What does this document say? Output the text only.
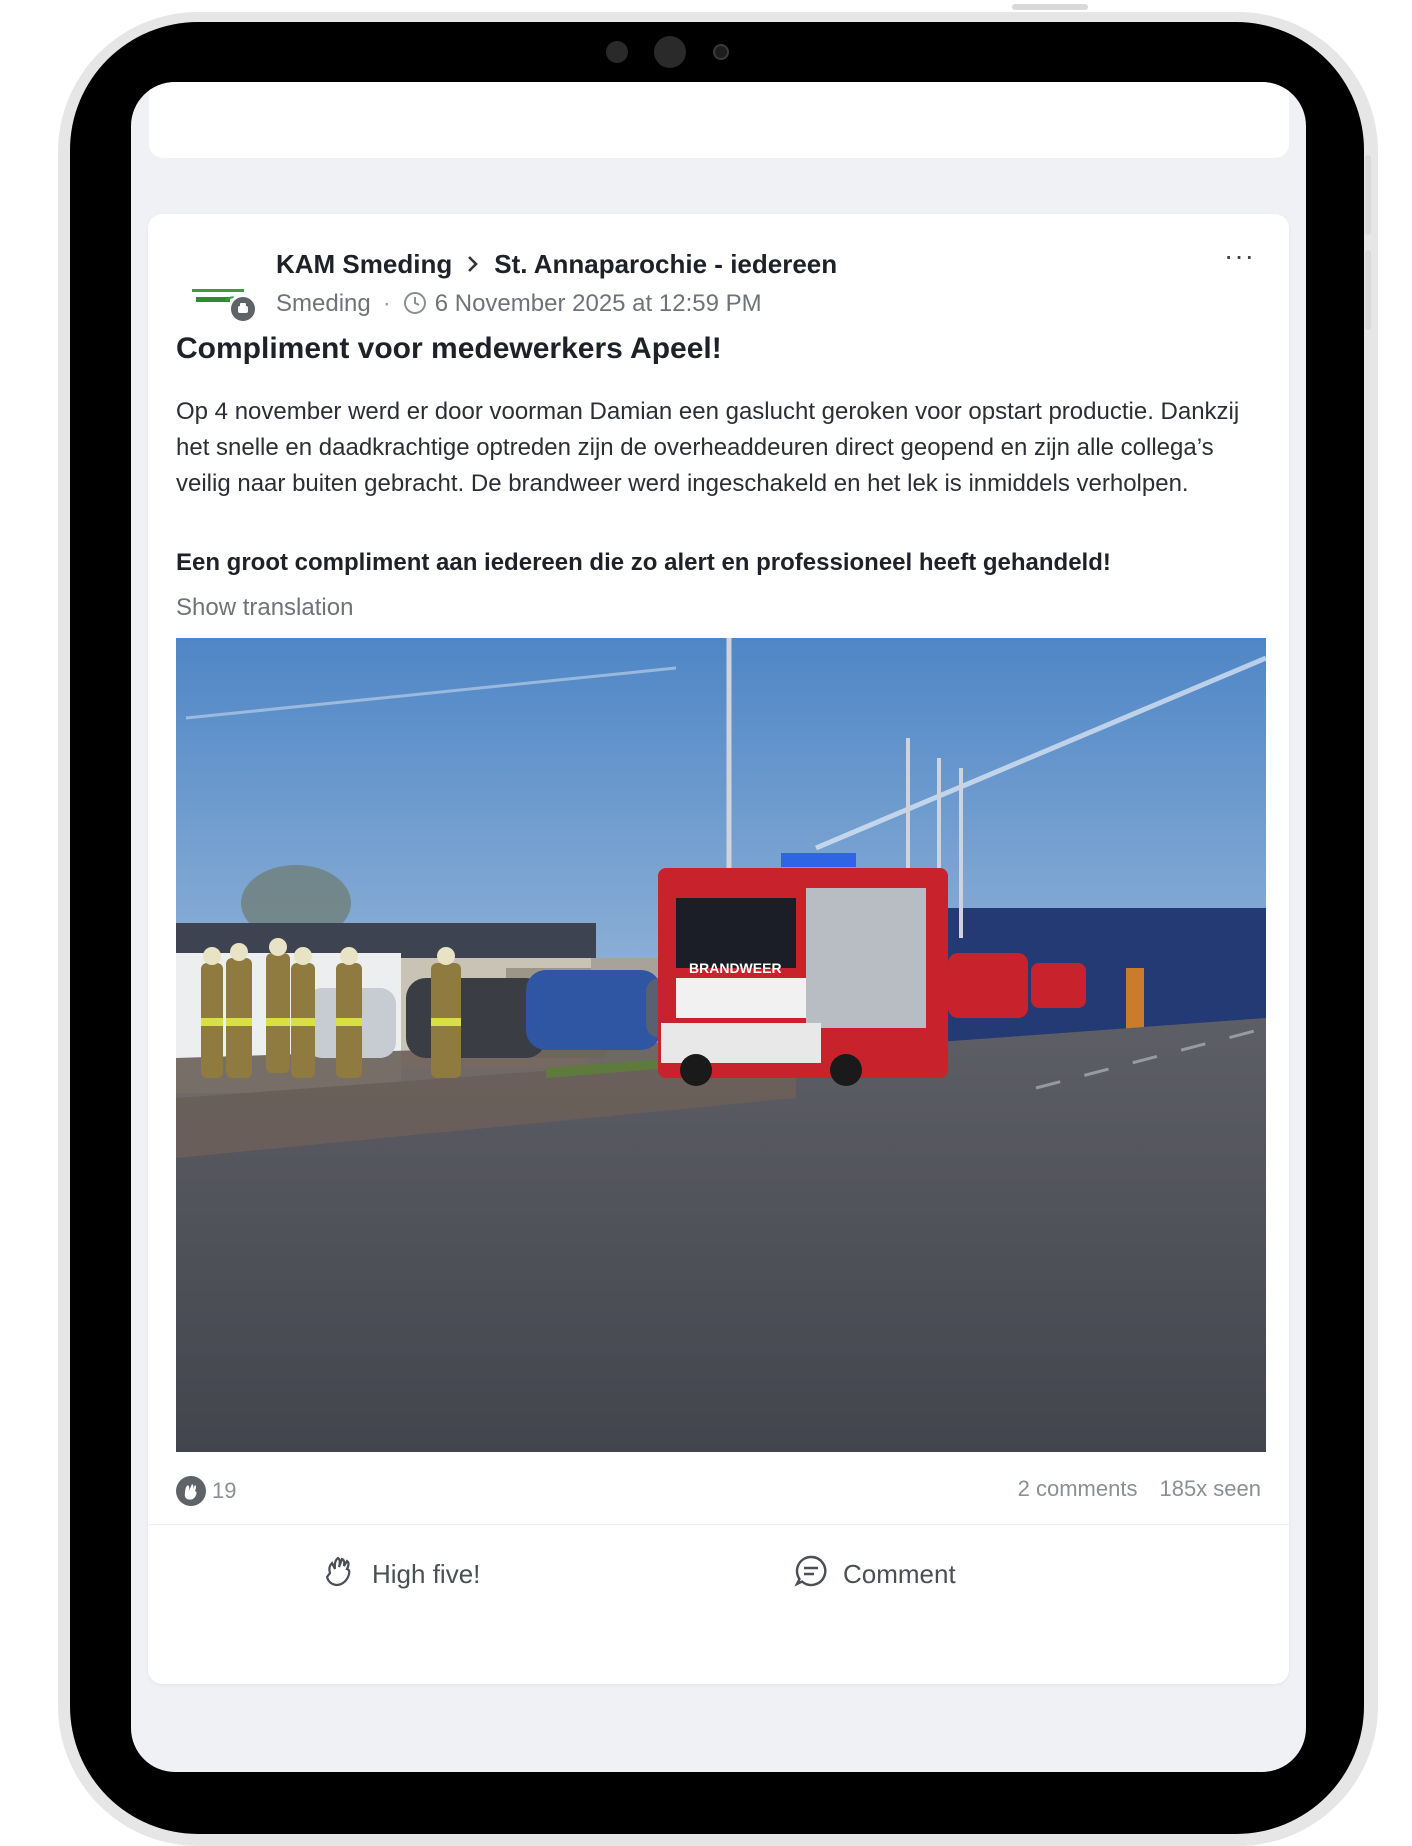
KAM Smeding St. Annaparochie - iedereen
Smeding · 6 November 2025 at 12:59 PM
···
Compliment voor medewerkers Apeel!
Op 4 november werd er door voorman Damian een gaslucht geroken voor opstart productie. Dankzij het snelle en daadkrachtige optreden zijn de overheaddeuren direct geopend en zijn alle collega’s veilig naar buiten gebracht. De brandweer werd ingeschakeld en het lek is inmiddels verholpen.
Een groot compliment aan iedereen die zo alert en professioneel heeft gehandeld!
Show translation
BRANDWEER
19	2 comments 185x seen
High five!	Comment
